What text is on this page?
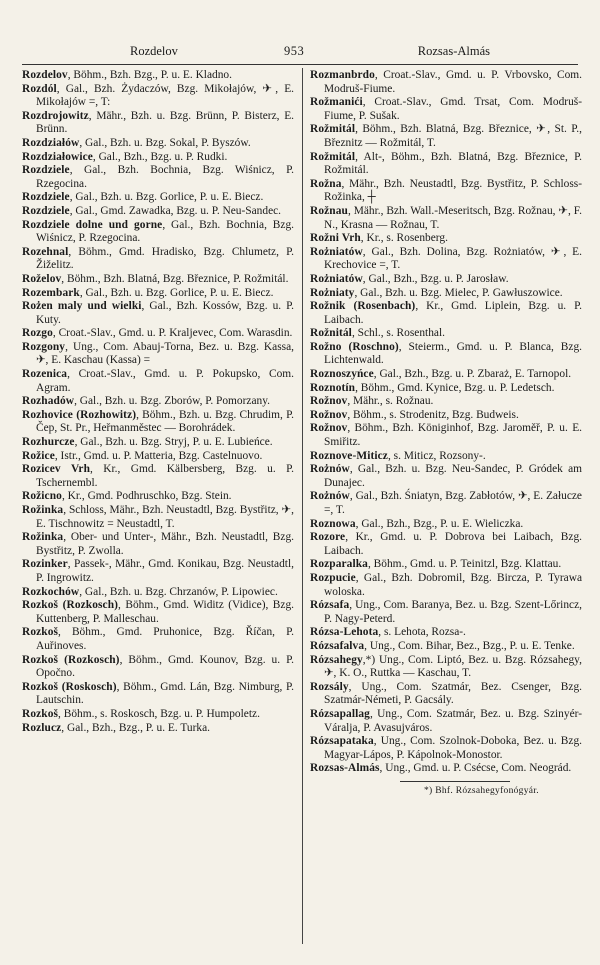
Rozdelov	953	Rozsas-Almás

Rozdelov, Böhm., Bzh. Bzg., P. u. E. Kladno.

Rozdól, Gal., Bzh. Żydaczów, Bzg. Mikołajów, ✈, E. Mikołajów =, T:

Rozdrojowitz, Mähr., Bzh. u. Bzg. Brünn, P. Bisterz, E. Brünn.

Rozdziałów, Gal., Bzh. u. Bzg. Sokal, P. Byszów.

Rozdziałowice, Gal., Bzh., Bzg. u. P. Rudki.

Rozdziele, Gal., Bzh. Bochnia, Bzg. Wiśnicz, P. Rzegocina.

Rozdziele, Gal., Bzh. u. Bzg. Gorlice, P. u. E. Biecz.

Rozdziele, Gal., Gmd. Zawadka, Bzg. u. P. Neu-Sandec.

Rozdziele dolne und gorne, Gal., Bzh. Bochnia, Bzg. Wiśnicz, P. Rzegocina.

Rozehnal, Böhm., Gmd. Hradisko, Bzg. Chlumetz, P. Žiželitz.

Roželov, Böhm., Bzh. Blatná, Bzg. Březnice, P. Rožmitál.

Rozembark, Gal., Bzh. u. Bzg. Gorlice, P. u. E. Biecz.

Rożen maly und wielki, Gal., Bzh. Kossów, Bzg. u. P. Kuty.

Rozgo, Croat.-Slav., Gmd. u. P. Kraljevec, Com. Warasdin.

Rozgony, Ung., Com. Abauj-Torna, Bez. u. Bzg. Kassa, ✈, E. Kaschau (Kassa) =

Rozenica, Croat.-Slav., Gmd. u. P. Pokupsko, Com. Agram.

Rozhadów, Gal., Bzh. u. Bzg. Zborów, P. Pomorzany.

Rozhovice (Rozhowitz), Böhm., Bzh. u. Bzg. Chrudim, P. Čep, St. Pr., Heřmanměstec — Borohrádek.

Rozhurcze, Gal., Bzh. u. Bzg. Stryj, P. u. E. Lubieńce.

Rožice, Istr., Gmd. u. P. Matteria, Bzg. Castelnuovo.

Rozicev Vrh, Kr., Gmd. Kälbersberg, Bzg. u. P. Tschernembl.

Rožicno, Kr., Gmd. Podhruschko, Bzg. Stein.

Rožinka, Schloss, Mähr., Bzh. Neustadtl, Bzg. Bystřitz, ✈, E. Tischnowitz = Neustadtl, T.

Rožinka, Ober- und Unter-, Mähr., Bzh. Neustadtl, Bzg. Bystřitz, P. Zwolla.

Rozinker, Passek-, Mähr., Gmd. Konikau, Bzg. Neustadtl, P. Ingrowitz.

Rozkochów, Gal., Bzh. u. Bzg. Chrzanów, P. Lipowiec.

Rozkoš (Rozkosch), Böhm., Gmd. Widitz (Vidice), Bzg. Kuttenberg, P. Malleschau.

Rozkoš, Böhm., Gmd. Pruhonice, Bzg. Říčan, P. Auřinoves.

Rozkoš (Rozkosch), Böhm., Gmd. Kounov, Bzg. u. P. Opočno.

Rozkoš (Roskosch), Böhm., Gmd. Lán, Bzg. Nimburg, P. Lautschin.

Rozkoš, Böhm., s. Roskosch, Bzg. u. P. Humpoletz.

Rozlucz, Gal., Bzh., Bzg., P. u. E. Turka.

Rozmanbrdo, Croat.-Slav., Gmd. u. P. Vrbovsko, Com. Modruš-Fiume.

Rožmanići, Croat.-Slav., Gmd. Trsat, Com. Modruš-Fiume, P. Sušak.

Rožmitál, Böhm., Bzh. Blatná, Bzg. Březnice, ✈, St. P., Březnitz — Rožmitál, T.

Rožmitál, Alt-, Böhm., Bzh. Blatná, Bzg. Březnice, P. Rožmitál.

Rožna, Mähr., Bzh. Neustadtl, Bzg. Bystřitz, P. Schloss-Rožinka, ┼

Rožnau, Mähr., Bzh. Wall.-Meseritsch, Bzg. Rožnau, ✈, F. N., Krasna — Rožnau, T.

Rožni Vrh, Kr., s. Rosenberg.

Rożniatów, Gal., Bzh. Dolina, Bzg. Rożniatów, ✈, E. Krechovice =, T.

Rożniatów, Gal., Bzh., Bzg. u. P. Jarosław.

Rożniaty, Gal., Bzh. u. Bzg. Mielec, P. Gawłuszowice.

Rožnik (Rosenbach), Kr., Gmd. Liplein, Bzg. u. P. Laibach.

Rožnitál, Schl., s. Rosenthal.

Rožno (Roschno), Steierm., Gmd. u. P. Blanca, Bzg. Lichtenwald.

Roznoszyńce, Gal., Bzh., Bzg. u. P. Zbaraż, E. Tarnopol.

Roznotín, Böhm., Gmd. Kynice, Bzg. u. P. Ledetsch.

Rožnov, Mähr., s. Rožnau.

Rožnov, Böhm., s. Strodenitz, Bzg. Budweis.

Rožnov, Böhm., Bzh. Königinhof, Bzg. Jaroměř, P. u. E. Smiřitz.

Roznove-Miticz, s. Miticz, Rozsony-.

Rożnów, Gal., Bzh. u. Bzg. Neu-Sandec, P. Gródek am Dunajec.

Rożnów, Gal., Bzh. Śniatyn, Bzg. Zabłotów, ✈, E. Załucze =, T.

Roznowa, Gal., Bzh., Bzg., P. u. E. Wieliczka.

Rozore, Kr., Gmd. u. P. Dobrova bei Laibach, Bzg. Laibach.

Rozparalka, Böhm., Gmd. u. P. Teinitzl, Bzg. Klattau.

Rozpucie, Gal., Bzh. Dobromil, Bzg. Bircza, P. Tyrawa woloska.

Rózsafa, Ung., Com. Baranya, Bez. u. Bzg. Szent-Lőrincz, P. Nagy-Peterd.

Rózsa-Lehota, s. Lehota, Rozsa-.

Rózsafalva, Ung., Com. Bihar, Bez., Bzg., P. u. E. Tenke.

Rózsahegy,*) Ung., Com. Liptó, Bez. u. Bzg. Rózsahegy, ✈, K. O., Ruttka — Kaschau, T.

Rozsály, Ung., Com. Szatmár, Bez. Csenger, Bzg. Szatmár-Németi, P. Gacsály.

Rózsapallag, Ung., Com. Szatmár, Bez. u. Bzg. Szinyér-Váralja, P. Avasujváros.

Rózsapataka, Ung., Com. Szolnok-Doboka, Bez. u. Bzg. Magyar-Lápos, P. Kápolnok-Monostor.

Rozsas-Almás, Ung., Gmd. u. P. Csécse, Com. Neográd.

*) Bhf. Rózsahegyfonógyár.
